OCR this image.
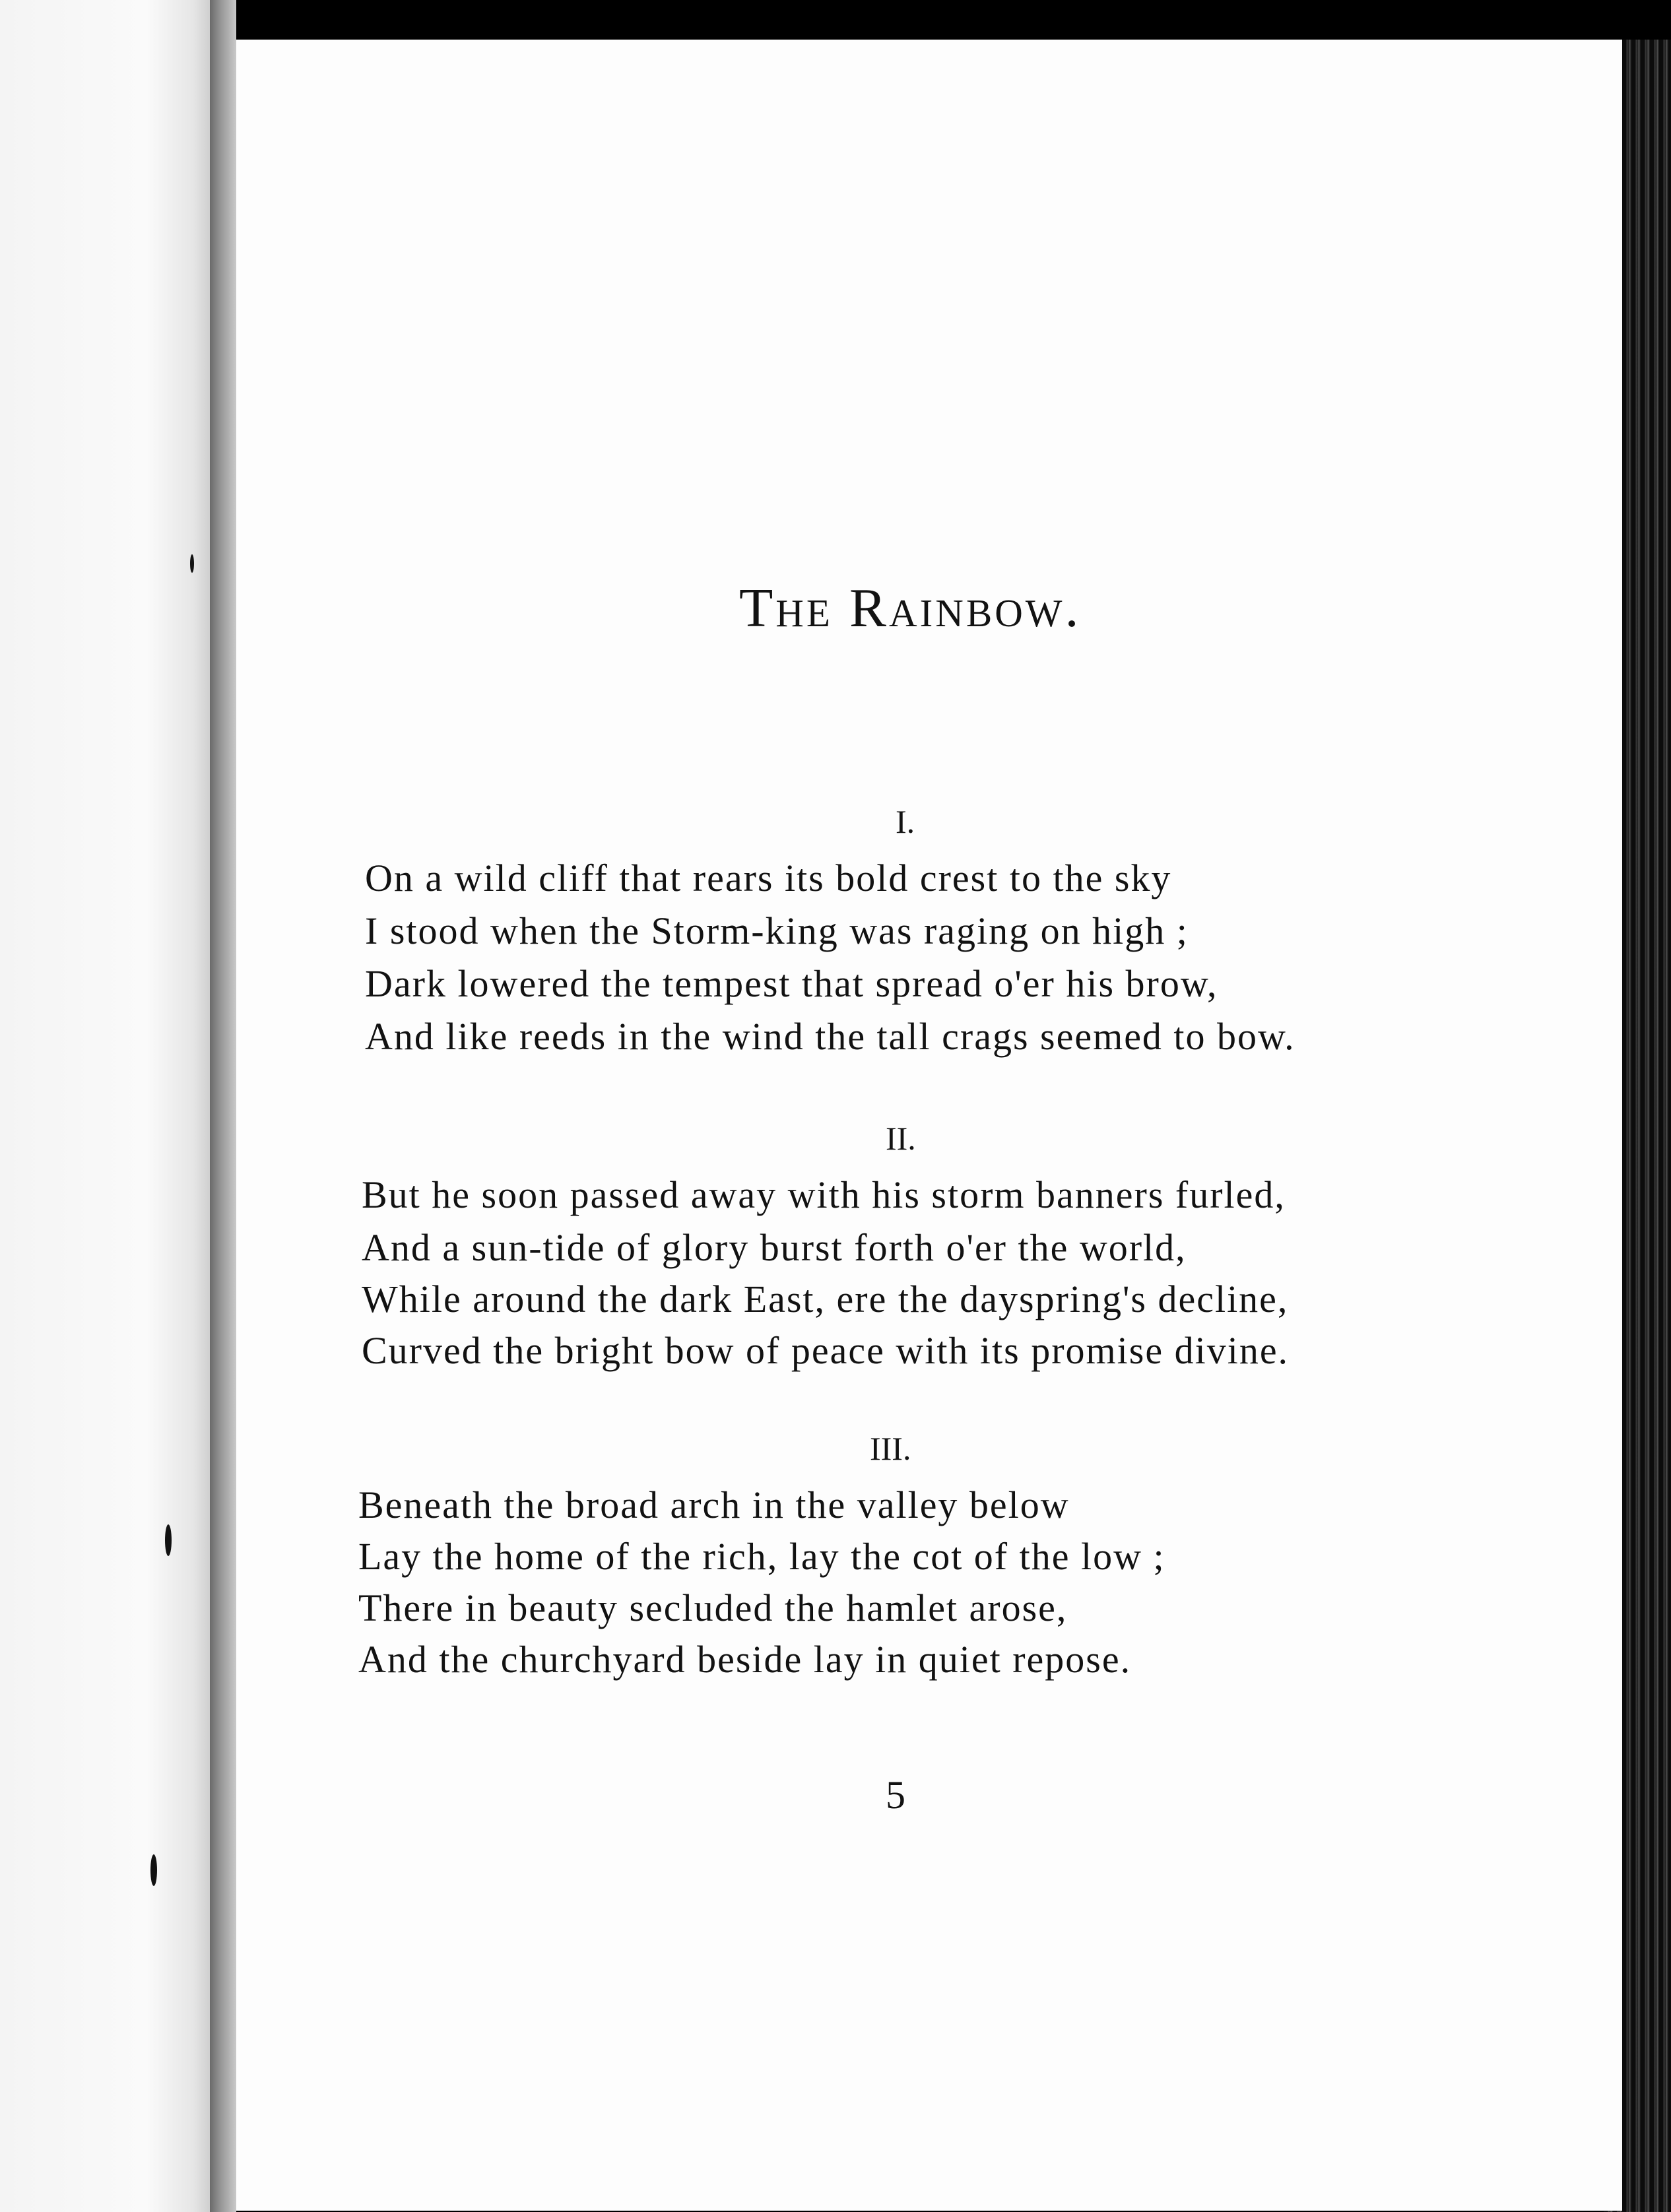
The Rainbow.
I.
On a wild cliff that rears its bold crest to the sky
I stood when the Storm-king was raging on high ;
Dark lowered the tempest that spread o'er his brow,
And like reeds in the wind the tall crags seemed to bow.
II.
But he soon passed away with his storm banners furled,
And a sun-tide of glory burst forth o'er the world,
While around the dark East, ere the dayspring's decline,
Curved the bright bow of peace with its promise divine.
III.
Beneath the broad arch in the valley below
Lay the home of the rich, lay the cot of the low ;
There in beauty secluded the hamlet arose,
And the churchyard beside lay in quiet repose.
5
